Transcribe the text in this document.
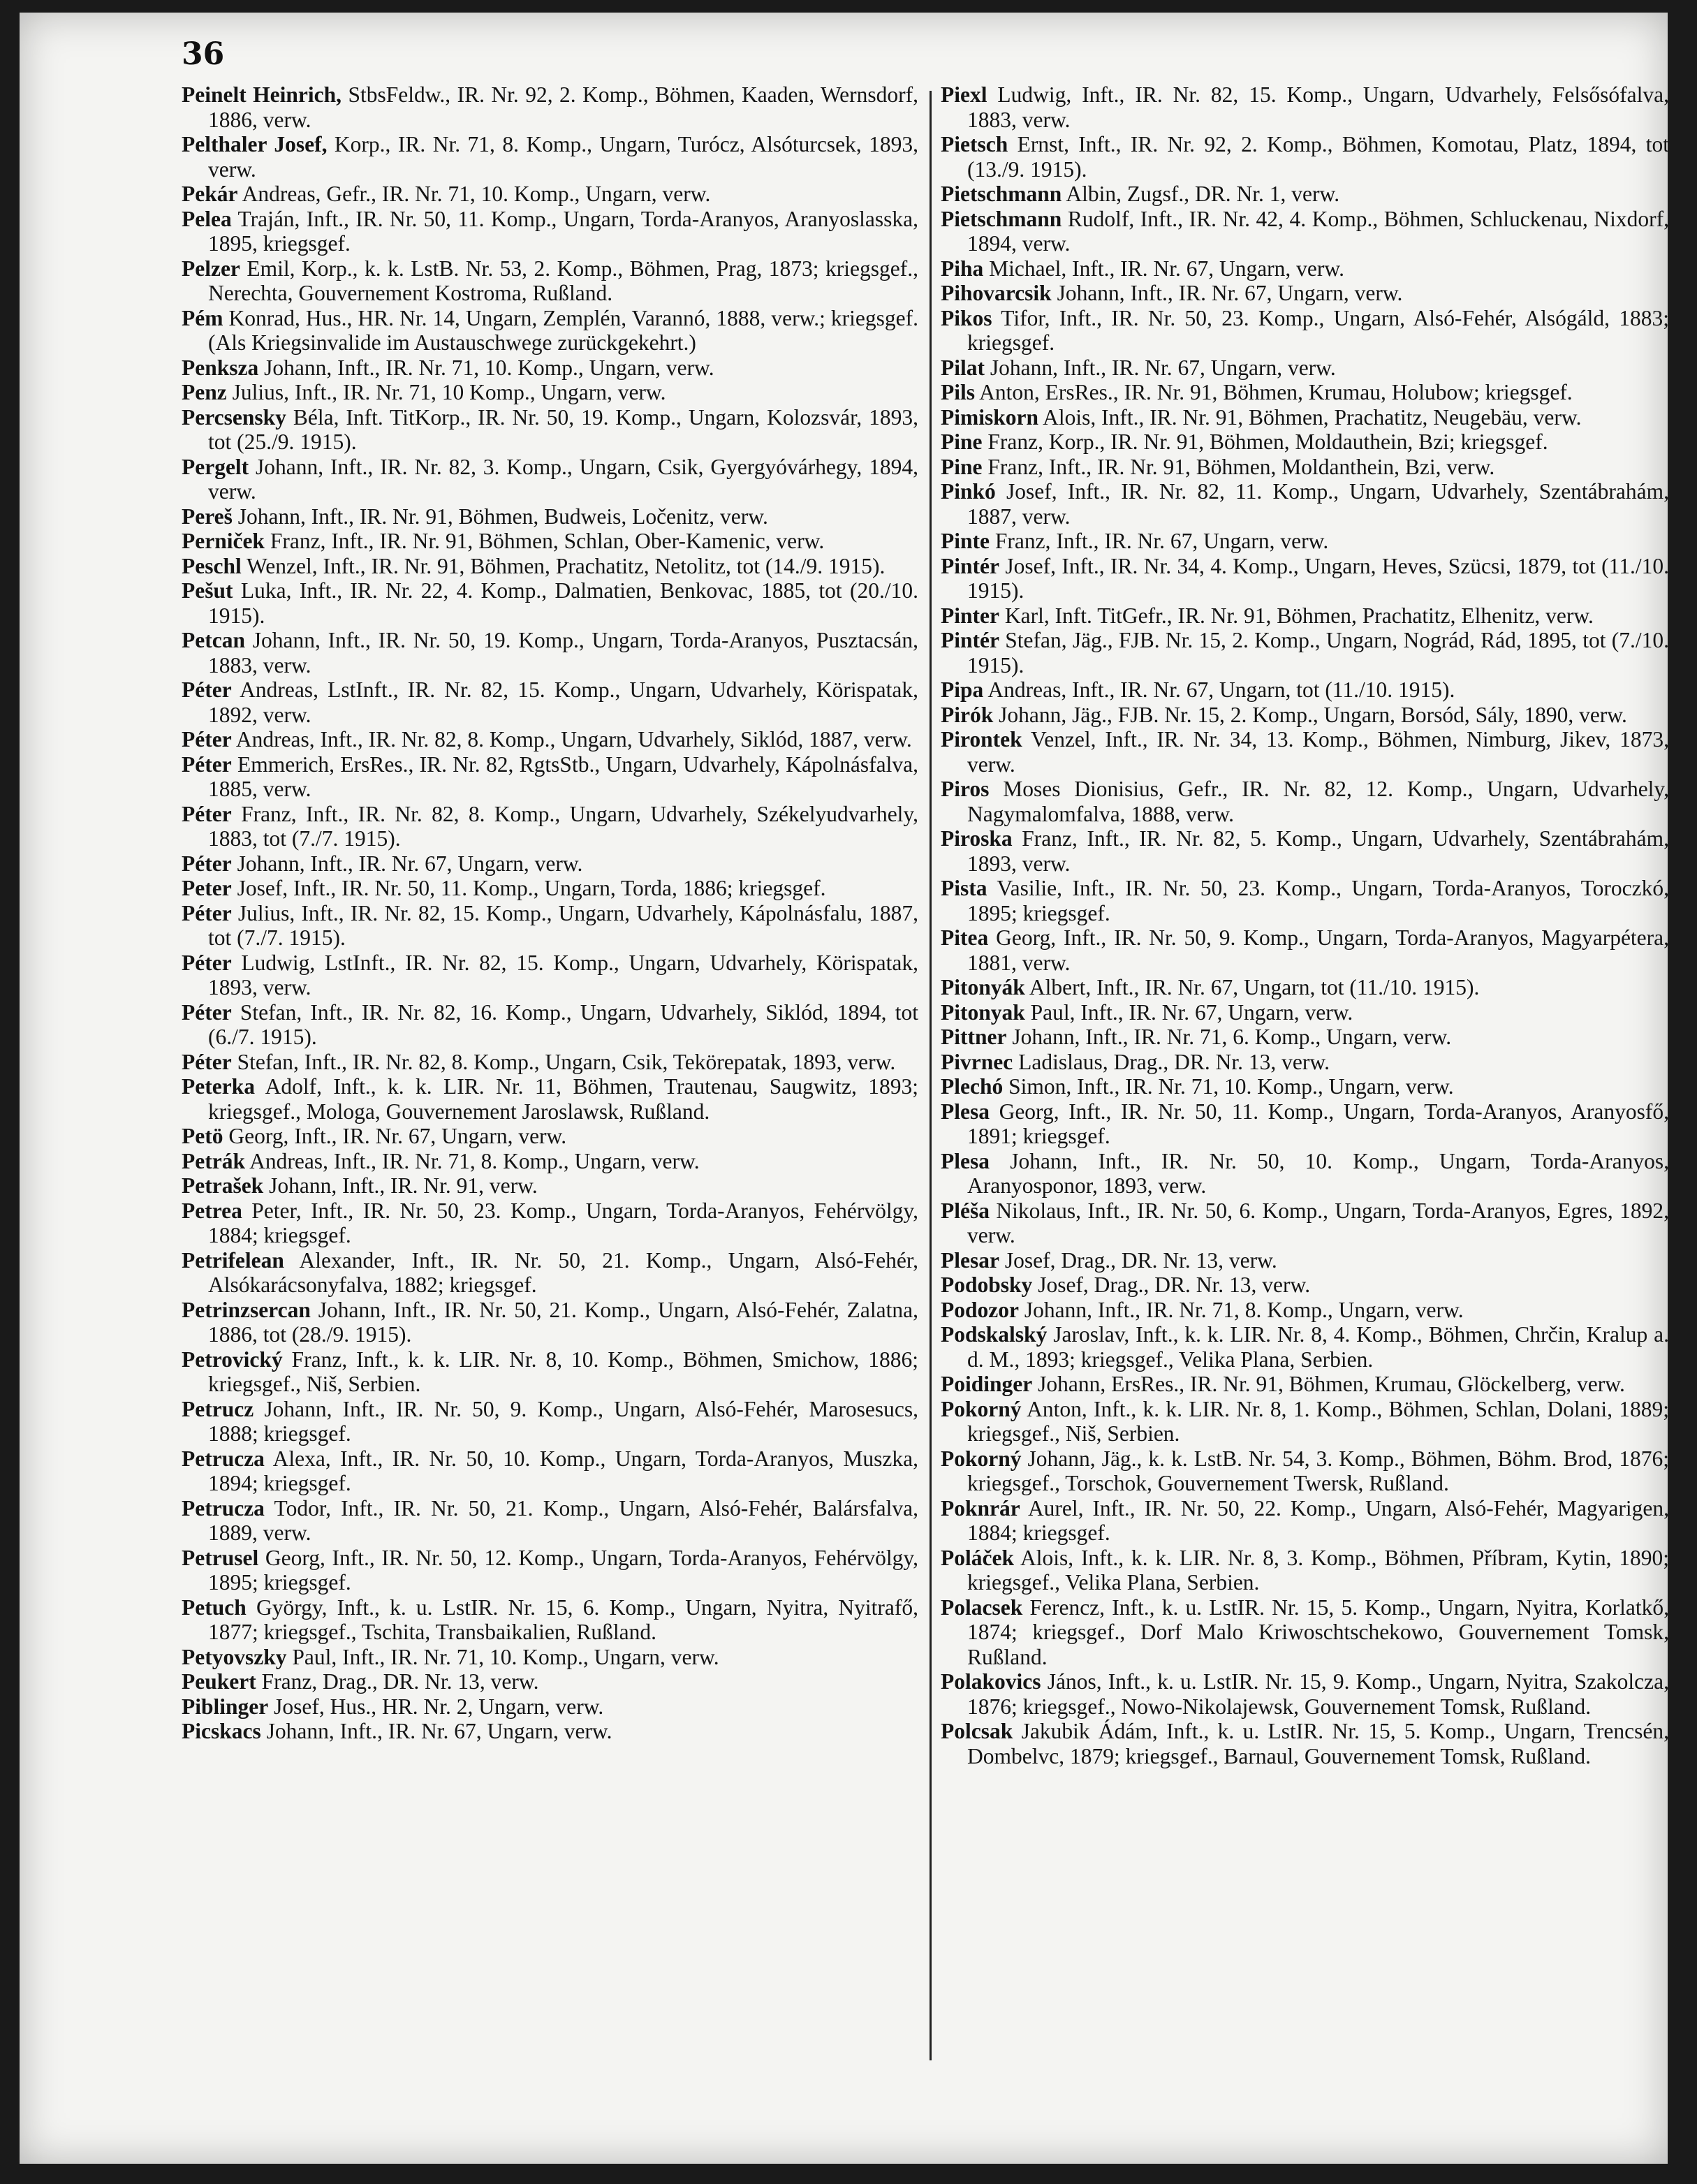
36

Peinelt Heinrich, StbsFeldw., IR. Nr. 92, 2. Komp., Böhmen, Kaaden, Wernsdorf, 1886, verw.

Pelthaler Josef, Korp., IR. Nr. 71, 8. Komp., Ungarn, Turócz, Alsóturcsek, 1893, verw.

Pekár Andreas, Gefr., IR. Nr. 71, 10. Komp., Ungarn, verw.

Pelea Traján, Inft., IR. Nr. 50, 11. Komp., Ungarn, Torda-Aranyos, Aranyoslasska, 1895, kriegsgef.

Pelzer Emil, Korp., k. k. LstB. Nr. 53, 2. Komp., Böhmen, Prag, 1873; kriegsgef., Nerechta, Gouvernement Kostroma, Rußland.

Pém Konrad, Hus., HR. Nr. 14, Ungarn, Zemplén, Varannó, 1888, verw.; kriegsgef. (Als Kriegsinvalide im Austauschwege zurückgekehrt.)

Penksza Johann, Inft., IR. Nr. 71, 10. Komp., Ungarn, verw.

Penz Julius, Inft., IR. Nr. 71, 10 Komp., Ungarn, verw.

Percsensky Béla, Inft. TitKorp., IR. Nr. 50, 19. Komp., Ungarn, Kolozsvár, 1893, tot (25./9. 1915).

Pergelt Johann, Inft., IR. Nr. 82, 3. Komp., Ungarn, Csik, Gyergyóvárhegy, 1894, verw.

Pereš Johann, Inft., IR. Nr. 91, Böhmen, Budweis, Ločenitz, verw.

Perniček Franz, Inft., IR. Nr. 91, Böhmen, Schlan, Ober-Kamenic, verw.

Peschl Wenzel, Inft., IR. Nr. 91, Böhmen, Prachatitz, Netolitz, tot (14./9. 1915).

Pešut Luka, Inft., IR. Nr. 22, 4. Komp., Dalmatien, Benkovac, 1885, tot (20./10. 1915).

Petcan Johann, Inft., IR. Nr. 50, 19. Komp., Ungarn, Torda-Aranyos, Pusztacsán, 1883, verw.

Péter Andreas, LstInft., IR. Nr. 82, 15. Komp., Ungarn, Udvarhely, Körispatak, 1892, verw.

Péter Andreas, Inft., IR. Nr. 82, 8. Komp., Ungarn, Udvarhely, Siklód, 1887, verw.

Péter Emmerich, ErsRes., IR. Nr. 82, RgtsStb., Ungarn, Udvarhely, Kápolnásfalva, 1885, verw.

Péter Franz, Inft., IR. Nr. 82, 8. Komp., Ungarn, Udvarhely, Székelyudvarhely, 1883, tot (7./7. 1915).

Péter Johann, Inft., IR. Nr. 67, Ungarn, verw.

Peter Josef, Inft., IR. Nr. 50, 11. Komp., Ungarn, Torda, 1886; kriegsgef.

Péter Julius, Inft., IR. Nr. 82, 15. Komp., Ungarn, Udvarhely, Kápolnásfalu, 1887, tot (7./7. 1915).

Péter Ludwig, LstInft., IR. Nr. 82, 15. Komp., Ungarn, Udvarhely, Körispatak, 1893, verw.

Péter Stefan, Inft., IR. Nr. 82, 16. Komp., Ungarn, Udvarhely, Siklód, 1894, tot (6./7. 1915).

Péter Stefan, Inft., IR. Nr. 82, 8. Komp., Ungarn, Csik, Tekörepatak, 1893, verw.

Peterka Adolf, Inft., k. k. LIR. Nr. 11, Böhmen, Trautenau, Saugwitz, 1893; kriegsgef., Mologa, Gouvernement Jaroslawsk, Rußland.

Petö Georg, Inft., IR. Nr. 67, Ungarn, verw.

Petrák Andreas, Inft., IR. Nr. 71, 8. Komp., Ungarn, verw.

Petrašek Johann, Inft., IR. Nr. 91, verw.

Petrea Peter, Inft., IR. Nr. 50, 23. Komp., Ungarn, Torda-Aranyos, Fehérvölgy, 1884; kriegsgef.

Petrifelean Alexander, Inft., IR. Nr. 50, 21. Komp., Ungarn, Alsó-Fehér, Alsókarácsonyfalva, 1882; kriegsgef.

Petrinzsercan Johann, Inft., IR. Nr. 50, 21. Komp., Ungarn, Alsó-Fehér, Zalatna, 1886, tot (28./9. 1915).

Petrovický Franz, Inft., k. k. LIR. Nr. 8, 10. Komp., Böhmen, Smichow, 1886; kriegsgef., Niš, Serbien.

Petrucz Johann, Inft., IR. Nr. 50, 9. Komp., Ungarn, Alsó-Fehér, Marosesucs, 1888; kriegsgef.

Petrucza Alexa, Inft., IR. Nr. 50, 10. Komp., Ungarn, Torda-Aranyos, Muszka, 1894; kriegsgef.

Petrucza Todor, Inft., IR. Nr. 50, 21. Komp., Ungarn, Alsó-Fehér, Balársfalva, 1889, verw.

Petrusel Georg, Inft., IR. Nr. 50, 12. Komp., Ungarn, Torda-Aranyos, Fehérvölgy, 1895; kriegsgef.

Petuch György, Inft., k. u. LstIR. Nr. 15, 6. Komp., Ungarn, Nyitra, Nyitrafő, 1877; kriegsgef., Tschita, Transbaikalien, Rußland.

Petyovszky Paul, Inft., IR. Nr. 71, 10. Komp., Ungarn, verw.

Peukert Franz, Drag., DR. Nr. 13, verw.

Piblinger Josef, Hus., HR. Nr. 2, Ungarn, verw.

Picskacs Johann, Inft., IR. Nr. 67, Ungarn, verw.

Piexl Ludwig, Inft., IR. Nr. 82, 15. Komp., Ungarn, Udvarhely, Felsősófalva, 1883, verw.

Pietsch Ernst, Inft., IR. Nr. 92, 2. Komp., Böhmen, Komotau, Platz, 1894, tot (13./9. 1915).

Pietschmann Albin, Zugsf., DR. Nr. 1, verw.

Pietschmann Rudolf, Inft., IR. Nr. 42, 4. Komp., Böhmen, Schluckenau, Nixdorf, 1894, verw.

Piha Michael, Inft., IR. Nr. 67, Ungarn, verw.

Pihovarcsik Johann, Inft., IR. Nr. 67, Ungarn, verw.

Pikos Tifor, Inft., IR. Nr. 50, 23. Komp., Ungarn, Alsó-Fehér, Alsógáld, 1883; kriegsgef.

Pilat Johann, Inft., IR. Nr. 67, Ungarn, verw.

Pils Anton, ErsRes., IR. Nr. 91, Böhmen, Krumau, Holubow; kriegsgef.

Pimiskorn Alois, Inft., IR. Nr. 91, Böhmen, Prachatitz, Neugebäu, verw.

Pine Franz, Korp., IR. Nr. 91, Böhmen, Moldauthein, Bzi; kriegsgef.

Pine Franz, Inft., IR. Nr. 91, Böhmen, Moldanthein, Bzi, verw.

Pinkó Josef, Inft., IR. Nr. 82, 11. Komp., Ungarn, Udvarhely, Szentábrahám, 1887, verw.

Pinte Franz, Inft., IR. Nr. 67, Ungarn, verw.

Pintér Josef, Inft., IR. Nr. 34, 4. Komp., Ungarn, Heves, Szücsi, 1879, tot (11./10. 1915).

Pinter Karl, Inft. TitGefr., IR. Nr. 91, Böhmen, Prachatitz, Elhenitz, verw.

Pintér Stefan, Jäg., FJB. Nr. 15, 2. Komp., Ungarn, Nográd, Rád, 1895, tot (7./10. 1915).

Pipa Andreas, Inft., IR. Nr. 67, Ungarn, tot (11./10. 1915).

Pirók Johann, Jäg., FJB. Nr. 15, 2. Komp., Ungarn, Borsód, Sály, 1890, verw.

Pirontek Venzel, Inft., IR. Nr. 34, 13. Komp., Böhmen, Nimburg, Jikev, 1873, verw.

Piros Moses Dionisius, Gefr., IR. Nr. 82, 12. Komp., Ungarn, Udvarhely, Nagymalomfalva, 1888, verw.

Piroska Franz, Inft., IR. Nr. 82, 5. Komp., Ungarn, Udvarhely, Szentábrahám, 1893, verw.

Pista Vasilie, Inft., IR. Nr. 50, 23. Komp., Ungarn, Torda-Aranyos, Toroczkó, 1895; kriegsgef.

Pitea Georg, Inft., IR. Nr. 50, 9. Komp., Ungarn, Torda-Aranyos, Magyarpétera, 1881, verw.

Pitonyák Albert, Inft., IR. Nr. 67, Ungarn, tot (11./10. 1915).

Pitonyak Paul, Inft., IR. Nr. 67, Ungarn, verw.

Pittner Johann, Inft., IR. Nr. 71, 6. Komp., Ungarn, verw.

Pivrnec Ladislaus, Drag., DR. Nr. 13, verw.

Plechó Simon, Inft., IR. Nr. 71, 10. Komp., Ungarn, verw.

Plesa Georg, Inft., IR. Nr. 50, 11. Komp., Ungarn, Torda-Aranyos, Aranyosfő, 1891; kriegsgef.

Plesa Johann, Inft., IR. Nr. 50, 10. Komp., Ungarn, Torda-Aranyos, Aranyosponor, 1893, verw.

Pléša Nikolaus, Inft., IR. Nr. 50, 6. Komp., Ungarn, Torda-Aranyos, Egres, 1892, verw.

Plesar Josef, Drag., DR. Nr. 13, verw.

Podobsky Josef, Drag., DR. Nr. 13, verw.

Podozor Johann, Inft., IR. Nr. 71, 8. Komp., Ungarn, verw.

Podskalský Jaroslav, Inft., k. k. LIR. Nr. 8, 4. Komp., Böhmen, Chrčin, Kralup a. d. M., 1893; kriegsgef., Velika Plana, Serbien.

Poidinger Johann, ErsRes., IR. Nr. 91, Böhmen, Krumau, Glöckelberg, verw.

Pokorný Anton, Inft., k. k. LIR. Nr. 8, 1. Komp., Böhmen, Schlan, Dolani, 1889; kriegsgef., Niš, Serbien.

Pokorný Johann, Jäg., k. k. LstB. Nr. 54, 3. Komp., Böhmen, Böhm. Brod, 1876; kriegsgef., Torschok, Gouvernement Twersk, Rußland.

Poknrár Aurel, Inft., IR. Nr. 50, 22. Komp., Ungarn, Alsó-Fehér, Magyarigen, 1884; kriegsgef.

Poláček Alois, Inft., k. k. LIR. Nr. 8, 3. Komp., Böhmen, Příbram, Kytin, 1890; kriegsgef., Velika Plana, Serbien.

Polacsek Ferencz, Inft., k. u. LstIR. Nr. 15, 5. Komp., Ungarn, Nyitra, Korlatkő, 1874; kriegsgef., Dorf Malo Kriwoschtschekowo, Gouvernement Tomsk, Rußland.

Polakovics János, Inft., k. u. LstIR. Nr. 15, 9. Komp., Ungarn, Nyitra, Szakolcza, 1876; kriegsgef., Nowo-Nikolajewsk, Gouvernement Tomsk, Rußland.

Polcsak Jakubik Ádám, Inft., k. u. LstIR. Nr. 15, 5. Komp., Ungarn, Trencsén, Dombelvc, 1879; kriegsgef., Barnaul, Gouvernement Tomsk, Rußland.
